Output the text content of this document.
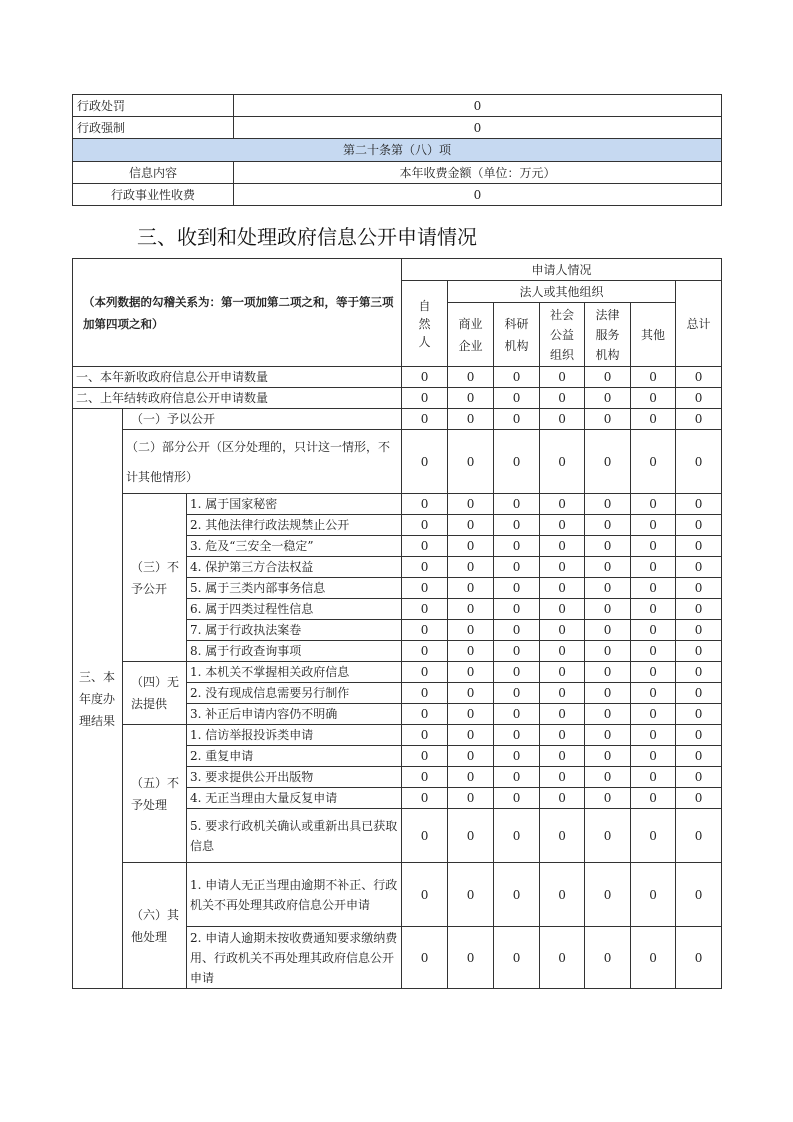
行政处罚	0
行政强制	0
第二十条第（八）项	
信息内容	本年收费金额（单位：万元）
行政事业性收费	0
三、收到和处理政府信息公开申请情况
（本列数据的勾稽关系为：第一项加第二项之和，等于第三项加第四项之和）			申请人情况						
			自然人	法人或其他组织					总计
				商业企业	科研机构	社会公益组织	法律服务机构	其他	
一、本年新收政府信息公开申请数量			0	0	0	0	0	0	0
二、上年结转政府信息公开申请数量			0	0	0	0	0	0	0
三、本年度办理结果	（一）予以公开		0	0	0	0	0	0	0
	（二）部分公开（区分处理的，只计这一情形，不计其他情形）		0	0	0	0	0	0	0
	（三）不予公开	1. 属于国家秘密	0	0	0	0	0	0	0
		2. 其他法律行政法规禁止公开	0	0	0	0	0	0	0
		3. 危及“三安全一稳定”	0	0	0	0	0	0	0
		4. 保护第三方合法权益	0	0	0	0	0	0	0
		5. 属于三类内部事务信息	0	0	0	0	0	0	0
		6. 属于四类过程性信息	0	0	0	0	0	0	0
		7. 属于行政执法案卷	0	0	0	0	0	0	0
		8. 属于行政查询事项	0	0	0	0	0	0	0
	（四）无法提供	1. 本机关不掌握相关政府信息	0	0	0	0	0	0	0
		2. 没有现成信息需要另行制作	0	0	0	0	0	0	0
		3. 补正后申请内容仍不明确	0	0	0	0	0	0	0
	（五）不予处理	1. 信访举报投诉类申请	0	0	0	0	0	0	0
		2. 重复申请	0	0	0	0	0	0	0
		3. 要求提供公开出版物	0	0	0	0	0	0	0
		4. 无正当理由大量反复申请	0	0	0	0	0	0	0
		5. 要求行政机关确认或重新出具已获取信息	0	0	0	0	0	0	0
	（六）其他处理	1. 申请人无正当理由逾期不补正、行政机关不再处理其政府信息公开申请	0	0	0	0	0	0	0
		2. 申请人逾期未按收费通知要求缴纳费用、行政机关不再处理其政府信息公开申请	0	0	0	0	0	0	0
